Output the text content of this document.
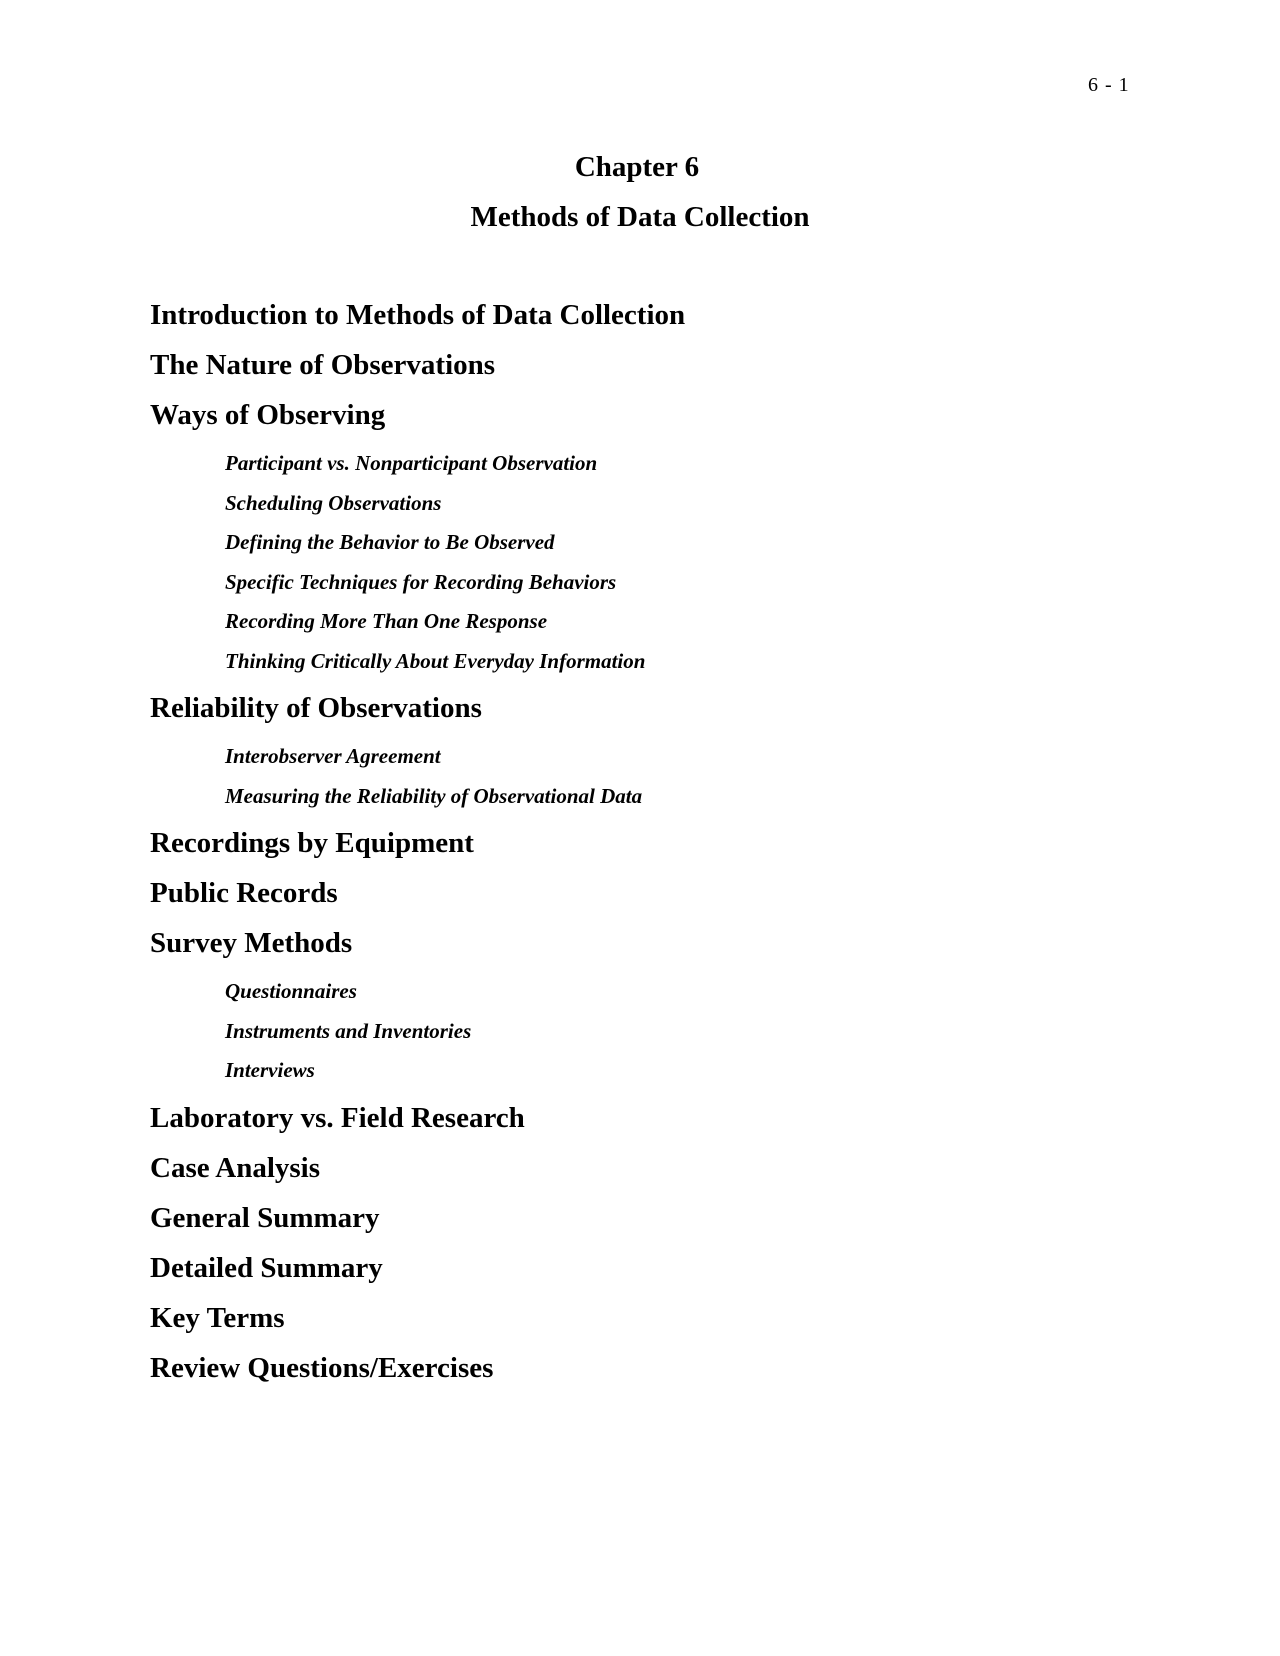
6 - 1
Chapter 6
Methods of Data Collection
Introduction to Methods of Data Collection
The Nature of Observations
Ways of Observing
Participant vs. Nonparticipant Observation
Scheduling Observations
Defining the Behavior to Be Observed
Specific Techniques for Recording Behaviors
Recording More Than One Response
Thinking Critically About Everyday Information
Reliability of Observations
Interobserver Agreement
Measuring the Reliability of Observational Data
Recordings by Equipment
Public Records
Survey Methods
Questionnaires
Instruments and Inventories
Interviews
Laboratory vs. Field Research
Case Analysis
General Summary
Detailed Summary
Key Terms
Review Questions/Exercises
